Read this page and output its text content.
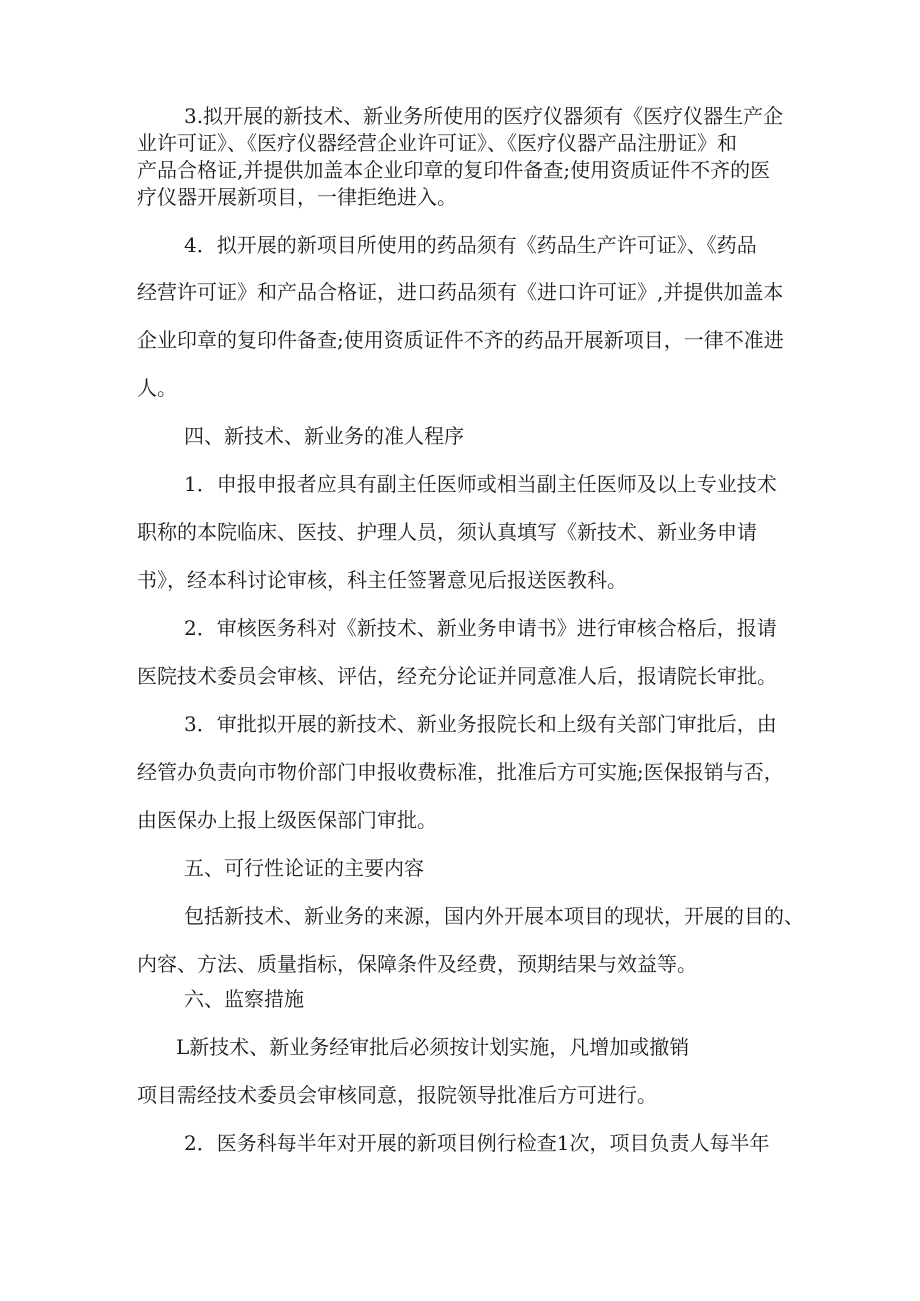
3.拟开展的新技术、新业务所使用的医疗仪器须有《医疗仪器生产企
业许可证》、《医疗仪器经营企业许可证》、《医疗仪器产品注册证》和
产品合格证,并提供加盖本企业印章的复印件备查;使用资质证件不齐的医
疗仪器开展新项目，一律拒绝进入。
4．拟开展的新项目所使用的药品须有《药品生产许可证》、《药品
经营许可证》和产品合格证，进口药品须有《进口许可证》,并提供加盖本
企业印章的复印件备查;使用资质证件不齐的药品开展新项目，一律不准进
人。
四、新技术、新业务的准人程序
1．申报申报者应具有副主任医师或相当副主任医师及以上专业技术
职称的本院临床、医技、护理人员，须认真填写《新技术、新业务申请
书》，经本科讨论审核，科主任签署意见后报送医教科。
2．审核医务科对《新技术、新业务申请书》进行审核合格后，报请
医院技术委员会审核、评估，经充分论证并同意准人后，报请院长审批。
3．审批拟开展的新技术、新业务报院长和上级有关部门审批后，由
经管办负责向市物价部门申报收费标准，批准后方可实施;医保报销与否，
由医保办上报上级医保部门审批。
五、可行性论证的主要内容
包括新技术、新业务的来源，国内外开展本项目的现状，开展的目的、
内容、方法、质量指标，保障条件及经费，预期结果与效益等。
六、监察措施
L新技术、新业务经审批后必须按计划实施，凡增加或撤销
项目需经技术委员会审核同意，报院领导批准后方可进行。
2．医务科每半年对开展的新项目例行检查1次，项目负责人每半年
